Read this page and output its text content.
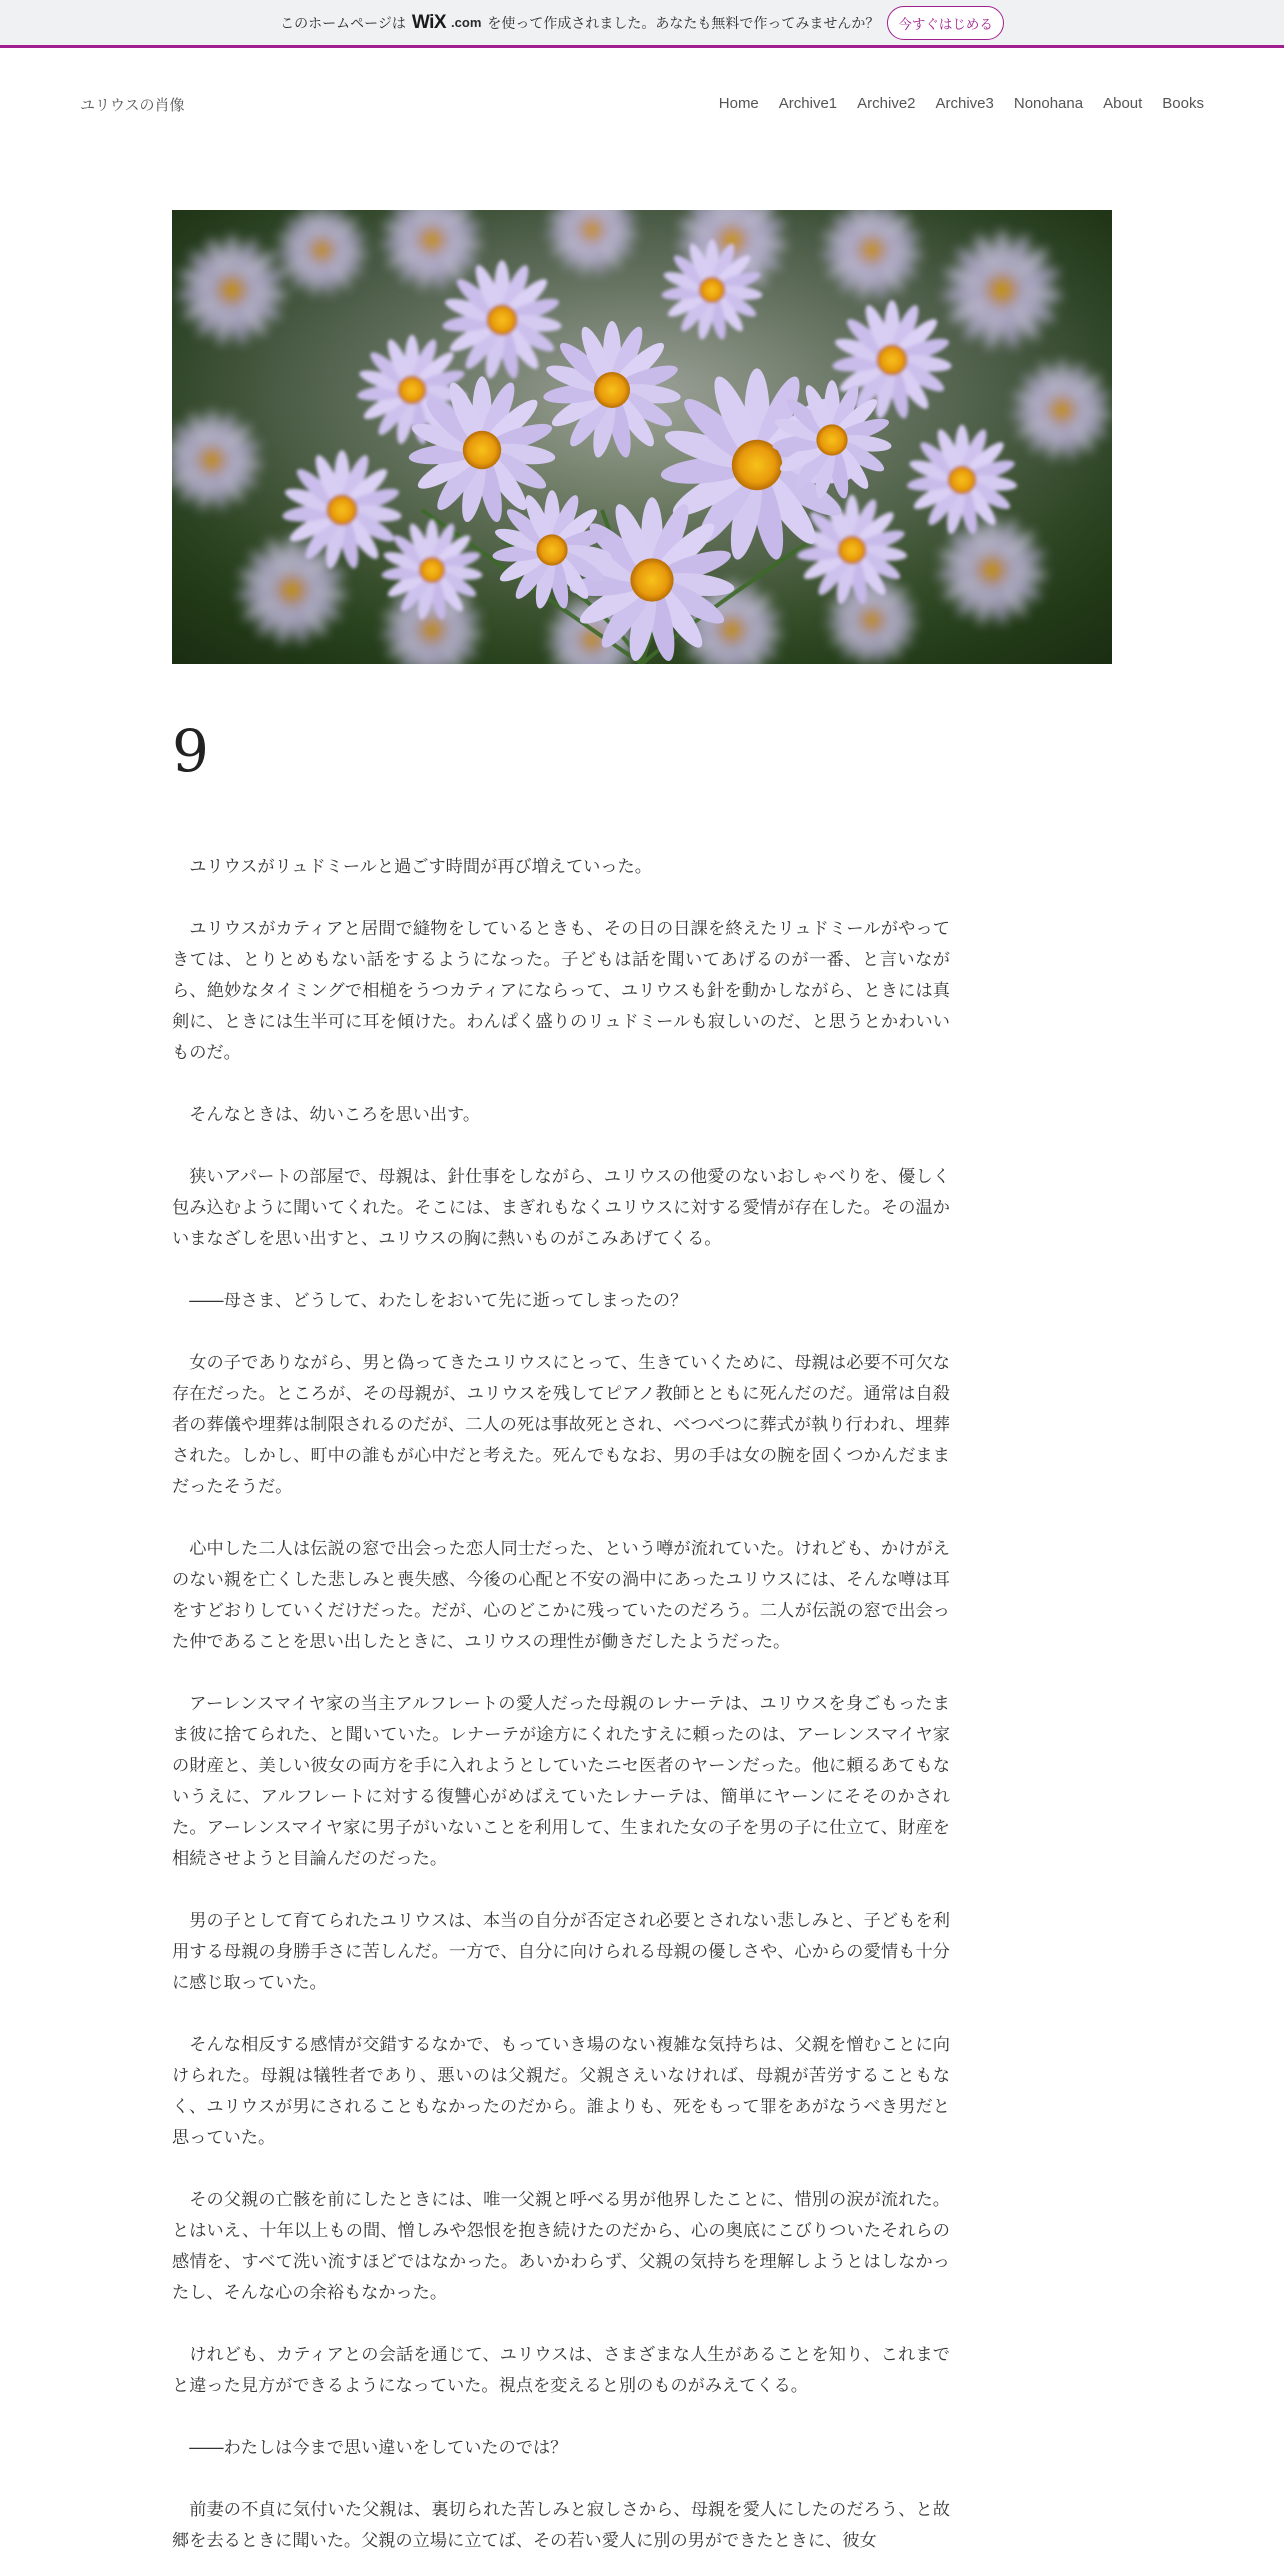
このホームページは WiX .com を使って作成されました。あなたも無料で作ってみませんか？	今すぐはじめる
ユリウスの肖像	Home Archive1 Archive2 Archive3 Nonohana About Books
9

ユリウスがリュドミールと過ごす時間が再び増えていった。

ユリウスがカティアと居間で縫物をしているときも、その日の日課を終えたリュドミールがやってきては、とりとめもない話をするようになった。子どもは話を聞いてあげるのが一番、と言いながら、絶妙なタイミングで相槌をうつカティアにならって、ユリウスも針を動かしながら、ときには真剣に、ときには生半可に耳を傾けた。わんぱく盛りのリュドミールも寂しいのだ、と思うとかわいいものだ。

そんなときは、幼いころを思い出す。

狭いアパートの部屋で、母親は、針仕事をしながら、ユリウスの他愛のないおしゃべりを、優しく包み込むように聞いてくれた。そこには、まぎれもなくユリウスに対する愛情が存在した。その温かいまなざしを思い出すと、ユリウスの胸に熱いものがこみあげてくる。

――母さま、どうして、わたしをおいて先に逝ってしまったの？

女の子でありながら、男と偽ってきたユリウスにとって、生きていくために、母親は必要不可欠な存在だった。ところが、その母親が、ユリウスを残してピアノ教師とともに死んだのだ。通常は自殺者の葬儀や埋葬は制限されるのだが、二人の死は事故死とされ、べつべつに葬式が執り行われ、埋葬された。しかし、町中の誰もが心中だと考えた。死んでもなお、男の手は女の腕を固くつかんだままだったそうだ。

心中した二人は伝説の窓で出会った恋人同士だった、という噂が流れていた。けれども、かけがえのない親を亡くした悲しみと喪失感、今後の心配と不安の渦中にあったユリウスには、そんな噂は耳をすどおりしていくだけだった。だが、心のどこかに残っていたのだろう。二人が伝説の窓で出会った仲であることを思い出したときに、ユリウスの理性が働きだしたようだった。

アーレンスマイヤ家の当主アルフレートの愛人だった母親のレナーテは、ユリウスを身ごもったまま彼に捨てられた、と聞いていた。レナーテが途方にくれたすえに頼ったのは、アーレンスマイヤ家の財産と、美しい彼女の両方を手に入れようとしていたニセ医者のヤーンだった。他に頼るあてもないうえに、アルフレートに対する復讐心がめばえていたレナーテは、簡単にヤーンにそそのかされた。アーレンスマイヤ家に男子がいないことを利用して、生まれた女の子を男の子に仕立て、財産を相続させようと目論んだのだった。

男の子として育てられたユリウスは、本当の自分が否定され必要とされない悲しみと、子どもを利用する母親の身勝手さに苦しんだ。一方で、自分に向けられる母親の優しさや、心からの愛情も十分に感じ取っていた。

そんな相反する感情が交錯するなかで、もっていき場のない複雑な気持ちは、父親を憎むことに向けられた。母親は犠牲者であり、悪いのは父親だ。父親さえいなければ、母親が苦労することもなく、ユリウスが男にされることもなかったのだから。誰よりも、死をもって罪をあがなうべき男だと思っていた。

その父親の亡骸を前にしたときには、唯一父親と呼べる男が他界したことに、惜別の涙が流れた。とはいえ、十年以上もの間、憎しみや怨恨を抱き続けたのだから、心の奥底にこびりついたそれらの感情を、すべて洗い流すほどではなかった。あいかわらず、父親の気持ちを理解しようとはしなかったし、そんな心の余裕もなかった。

けれども、カティアとの会話を通じて、ユリウスは、さまざまな人生があることを知り、これまでと違った見方ができるようになっていた。視点を変えると別のものがみえてくる。

――わたしは今まで思い違いをしていたのでは？

前妻の不貞に気付いた父親は、裏切られた苦しみと寂しさから、母親を愛人にしたのだろう、と故郷を去るときに聞いた。父親の立場に立てば、その若い愛人に別の男ができたときに、彼女
